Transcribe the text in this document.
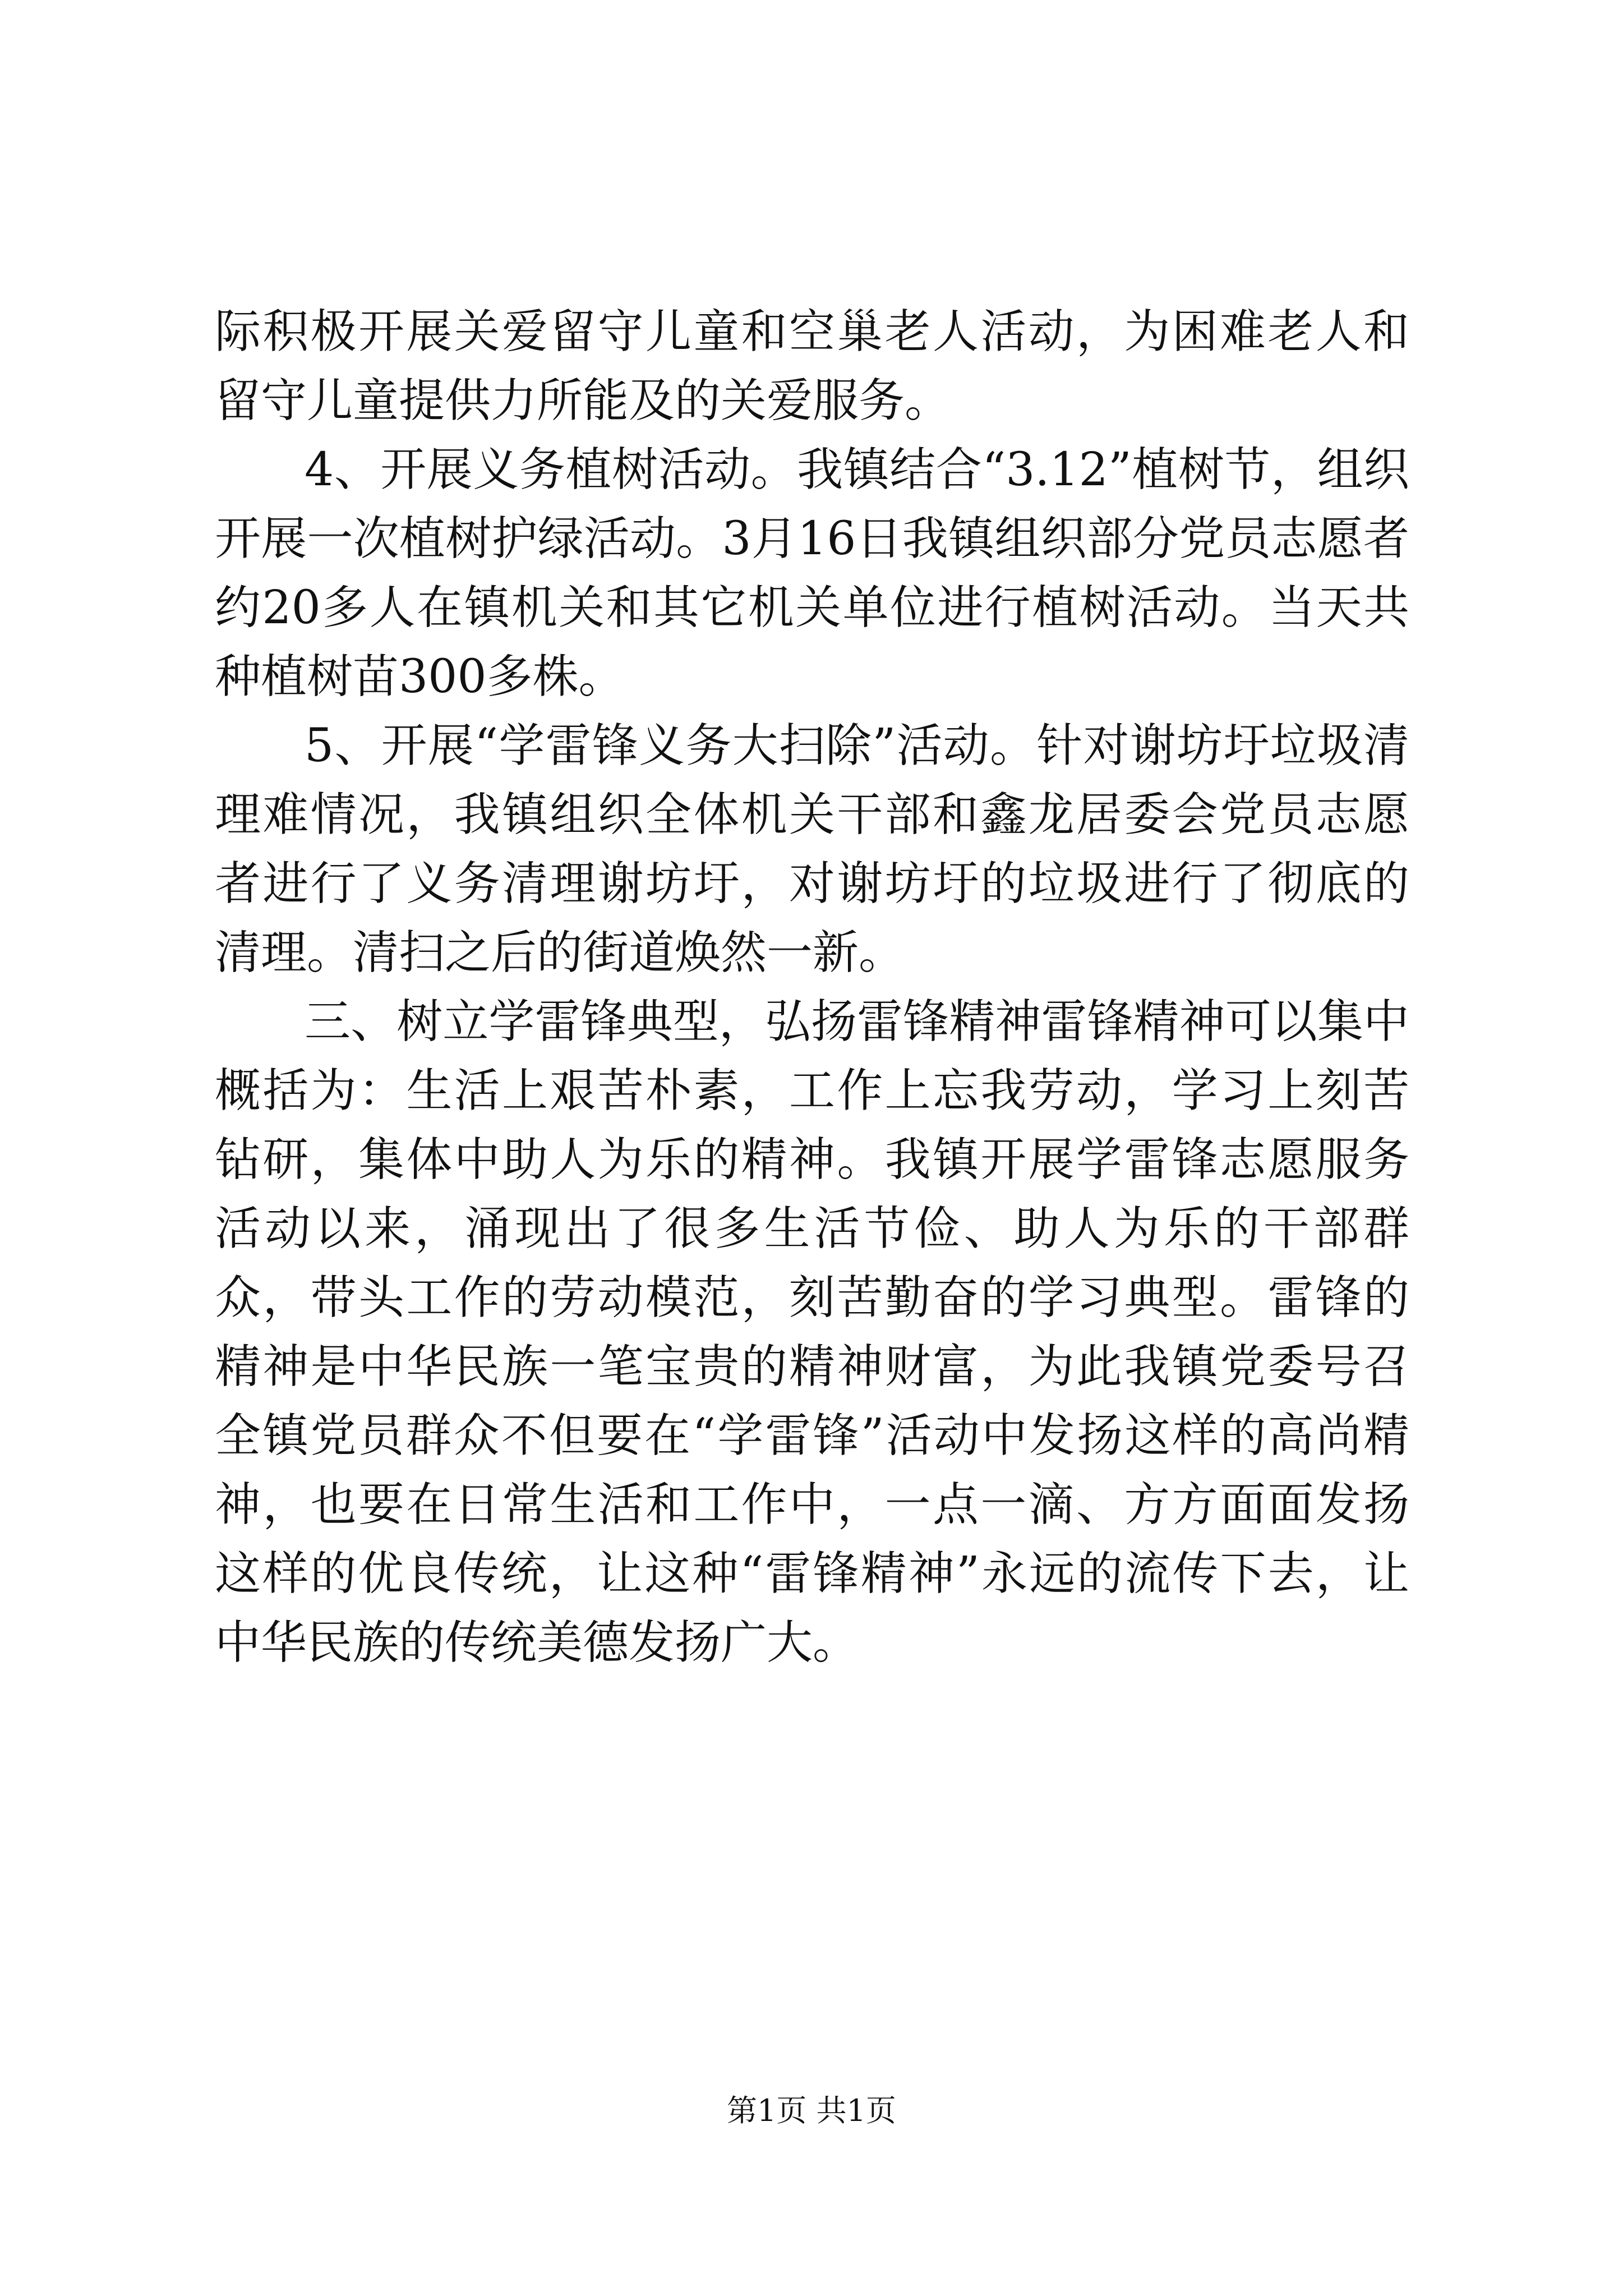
际积极开展关爱留守儿童和空巢老人活动，为困难老人和留守儿童提供力所能及的关爱服务。

4、开展义务植树活动。我镇结合“3.12”植树节，组织开展一次植树护绿活动。3月16日我镇组织部分党员志愿者约20多人在镇机关和其它机关单位进行植树活动。当天共种植树苗300多株。

5、开展“学雷锋义务大扫除”活动。针对谢坊圩垃圾清理难情况，我镇组织全体机关干部和鑫龙居委会党员志愿者进行了义务清理谢坊圩，对谢坊圩的垃圾进行了彻底的清理。清扫之后的街道焕然一新。

三、树立学雷锋典型，弘扬雷锋精神雷锋精神可以集中概括为：生活上艰苦朴素，工作上忘我劳动，学习上刻苦钻研，集体中助人为乐的精神。我镇开展学雷锋志愿服务活动以来，涌现出了很多生活节俭、助人为乐的干部群众，带头工作的劳动模范，刻苦勤奋的学习典型。雷锋的精神是中华民族一笔宝贵的精神财富，为此我镇党委号召全镇党员群众不但要在“学雷锋”活动中发扬这样的高尚精神，也要在日常生活和工作中，一点一滴、方方面面发扬这样的优良传统，让这种“雷锋精神”永远的流传下去，让中华民族的传统美德发扬广大。

第1页 共1页
